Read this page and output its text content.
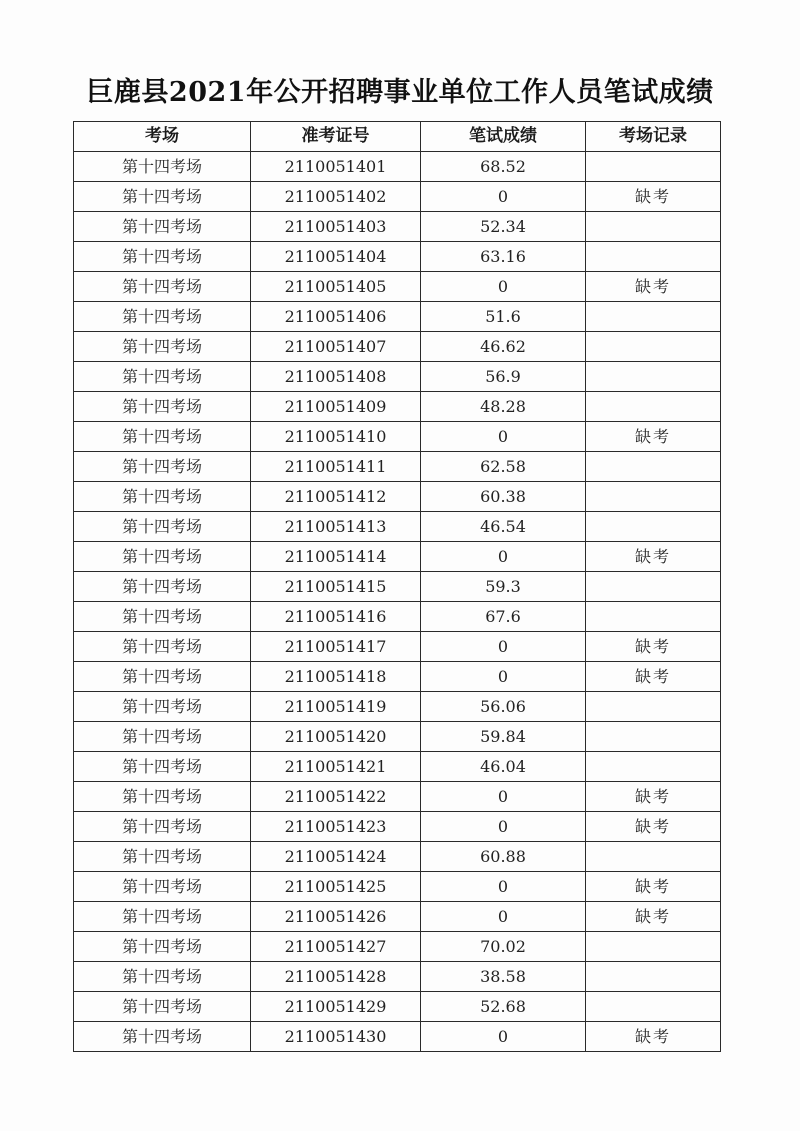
巨鹿县2021年公开招聘事业单位工作人员笔试成绩
考场	准考证号	笔试成绩	考场记录
第十四考场	2110051401	68.52	
第十四考场	2110051402	0	缺考
第十四考场	2110051403	52.34	
第十四考场	2110051404	63.16	
第十四考场	2110051405	0	缺考
第十四考场	2110051406	51.6	
第十四考场	2110051407	46.62	
第十四考场	2110051408	56.9	
第十四考场	2110051409	48.28	
第十四考场	2110051410	0	缺考
第十四考场	2110051411	62.58	
第十四考场	2110051412	60.38	
第十四考场	2110051413	46.54	
第十四考场	2110051414	0	缺考
第十四考场	2110051415	59.3	
第十四考场	2110051416	67.6	
第十四考场	2110051417	0	缺考
第十四考场	2110051418	0	缺考
第十四考场	2110051419	56.06	
第十四考场	2110051420	59.84	
第十四考场	2110051421	46.04	
第十四考场	2110051422	0	缺考
第十四考场	2110051423	0	缺考
第十四考场	2110051424	60.88	
第十四考场	2110051425	0	缺考
第十四考场	2110051426	0	缺考
第十四考场	2110051427	70.02	
第十四考场	2110051428	38.58	
第十四考场	2110051429	52.68	
第十四考场	2110051430	0	缺考
